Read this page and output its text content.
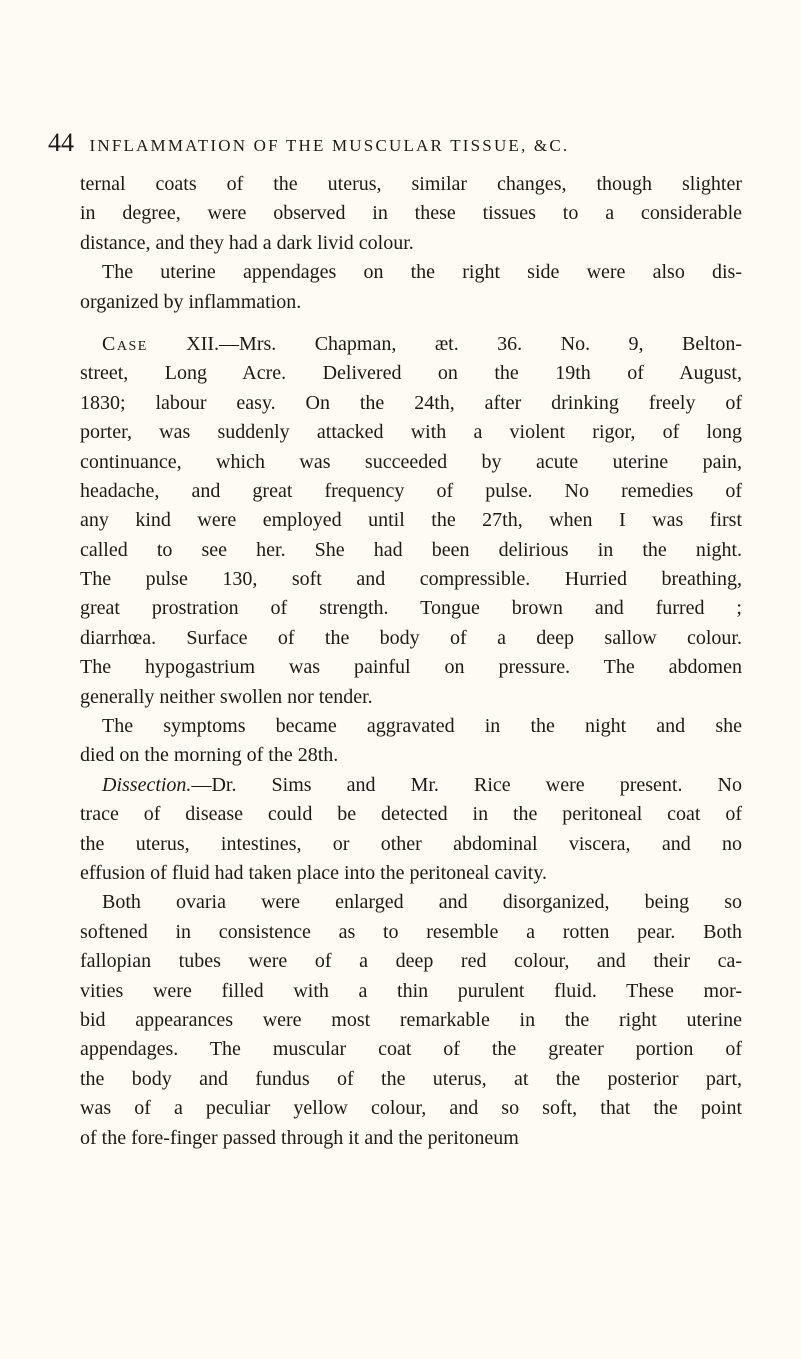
44 INFLAMMATION OF THE MUSCULAR TISSUE, &C.
ternal coats of the uterus, similar changes, though slighter
in degree, were observed in these tissues to a considerable
distance, and they had a dark livid colour.
The uterine appendages on the right side were also dis-
organized by inflammation.
Case XII.—Mrs. Chapman, æt. 36. No. 9, Belton-
street, Long Acre. Delivered on the 19th of August,
1830; labour easy. On the 24th, after drinking freely of
porter, was suddenly attacked with a violent rigor, of long
continuance, which was succeeded by acute uterine pain,
headache, and great frequency of pulse. No remedies of
any kind were employed until the 27th, when I was first
called to see her. She had been delirious in the night.
The pulse 130, soft and compressible. Hurried breathing,
great prostration of strength. Tongue brown and furred ;
diarrhœa. Surface of the body of a deep sallow colour.
The hypogastrium was painful on pressure. The abdomen
generally neither swollen nor tender.
The symptoms became aggravated in the night and she
died on the morning of the 28th.
Dissection.—Dr. Sims and Mr. Rice were present. No
trace of disease could be detected in the peritoneal coat of
the uterus, intestines, or other abdominal viscera, and no
effusion of fluid had taken place into the peritoneal cavity.
Both ovaria were enlarged and disorganized, being so
softened in consistence as to resemble a rotten pear. Both
fallopian tubes were of a deep red colour, and their ca-
vities were filled with a thin purulent fluid. These mor-
bid appearances were most remarkable in the right uterine
appendages. The muscular coat of the greater portion of
the body and fundus of the uterus, at the posterior part,
was of a peculiar yellow colour, and so soft, that the point
of the fore-finger passed through it and the peritoneum
